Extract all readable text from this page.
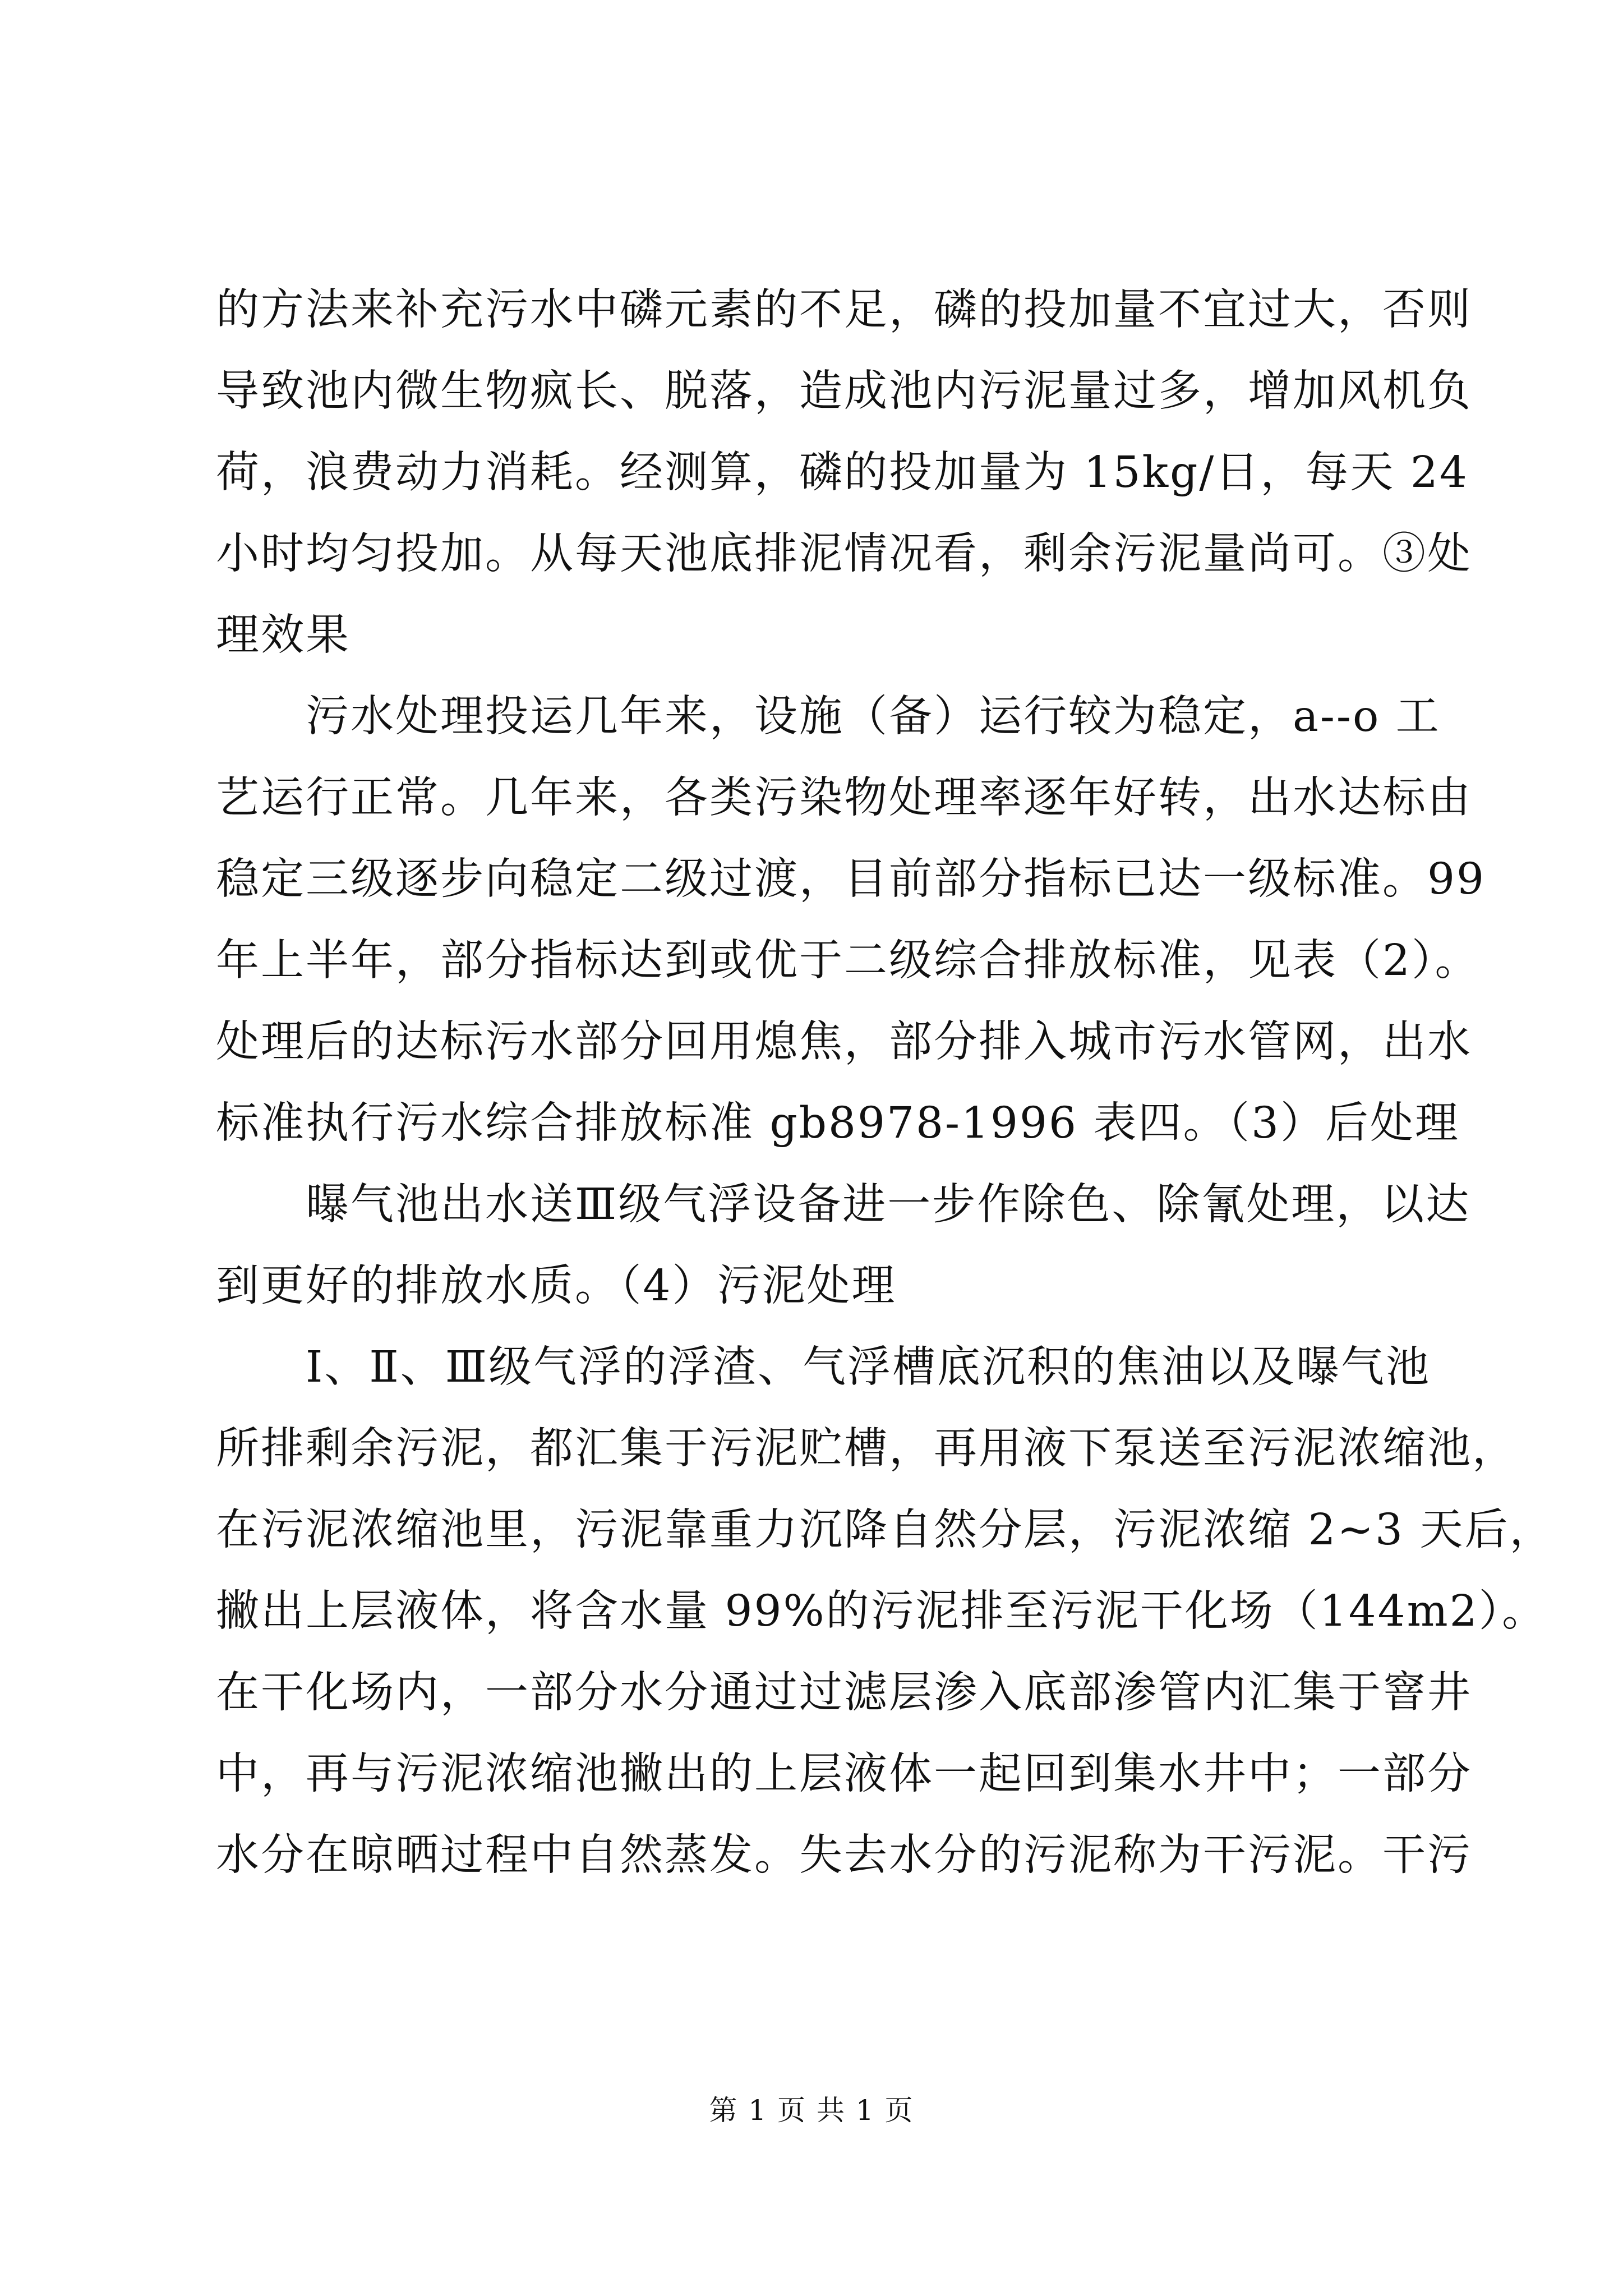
的方法来补充污水中磷元素的不足，磷的投加量不宜过大，否则
导致池内微生物疯长、脱落，造成池内污泥量过多，增加风机负
荷，浪费动力消耗。经测算，磷的投加量为 15kg/日，每天 24
小时均匀投加。从每天池底排泥情况看，剩余污泥量尚可。③处
理效果
　　污水处理投运几年来，设施（备）运行较为稳定，a--o 工
艺运行正常。几年来，各类污染物处理率逐年好转，出水达标由
稳定三级逐步向稳定二级过渡，目前部分指标已达一级标准。99
年上半年，部分指标达到或优于二级综合排放标准，见表（2）。
处理后的达标污水部分回用熄焦，部分排入城市污水管网，出水
标准执行污水综合排放标准 gb8978-1996 表四。（3）后处理
　　曝气池出水送Ⅲ级气浮设备进一步作除色、除氰处理，以达
到更好的排放水质。（4）污泥处理
　　Ⅰ、Ⅱ、Ⅲ级气浮的浮渣、气浮槽底沉积的焦油以及曝气池
所排剩余污泥，都汇集于污泥贮槽，再用液下泵送至污泥浓缩池，
在污泥浓缩池里，污泥靠重力沉降自然分层，污泥浓缩 2~3 天后，
撇出上层液体，将含水量 99%的污泥排至污泥干化场（144m2）。
在干化场内，一部分水分通过过滤层渗入底部渗管内汇集于窨井
中，再与污泥浓缩池撇出的上层液体一起回到集水井中；一部分
水分在晾晒过程中自然蒸发。失去水分的污泥称为干污泥。干污
第 1 页 共 1 页
